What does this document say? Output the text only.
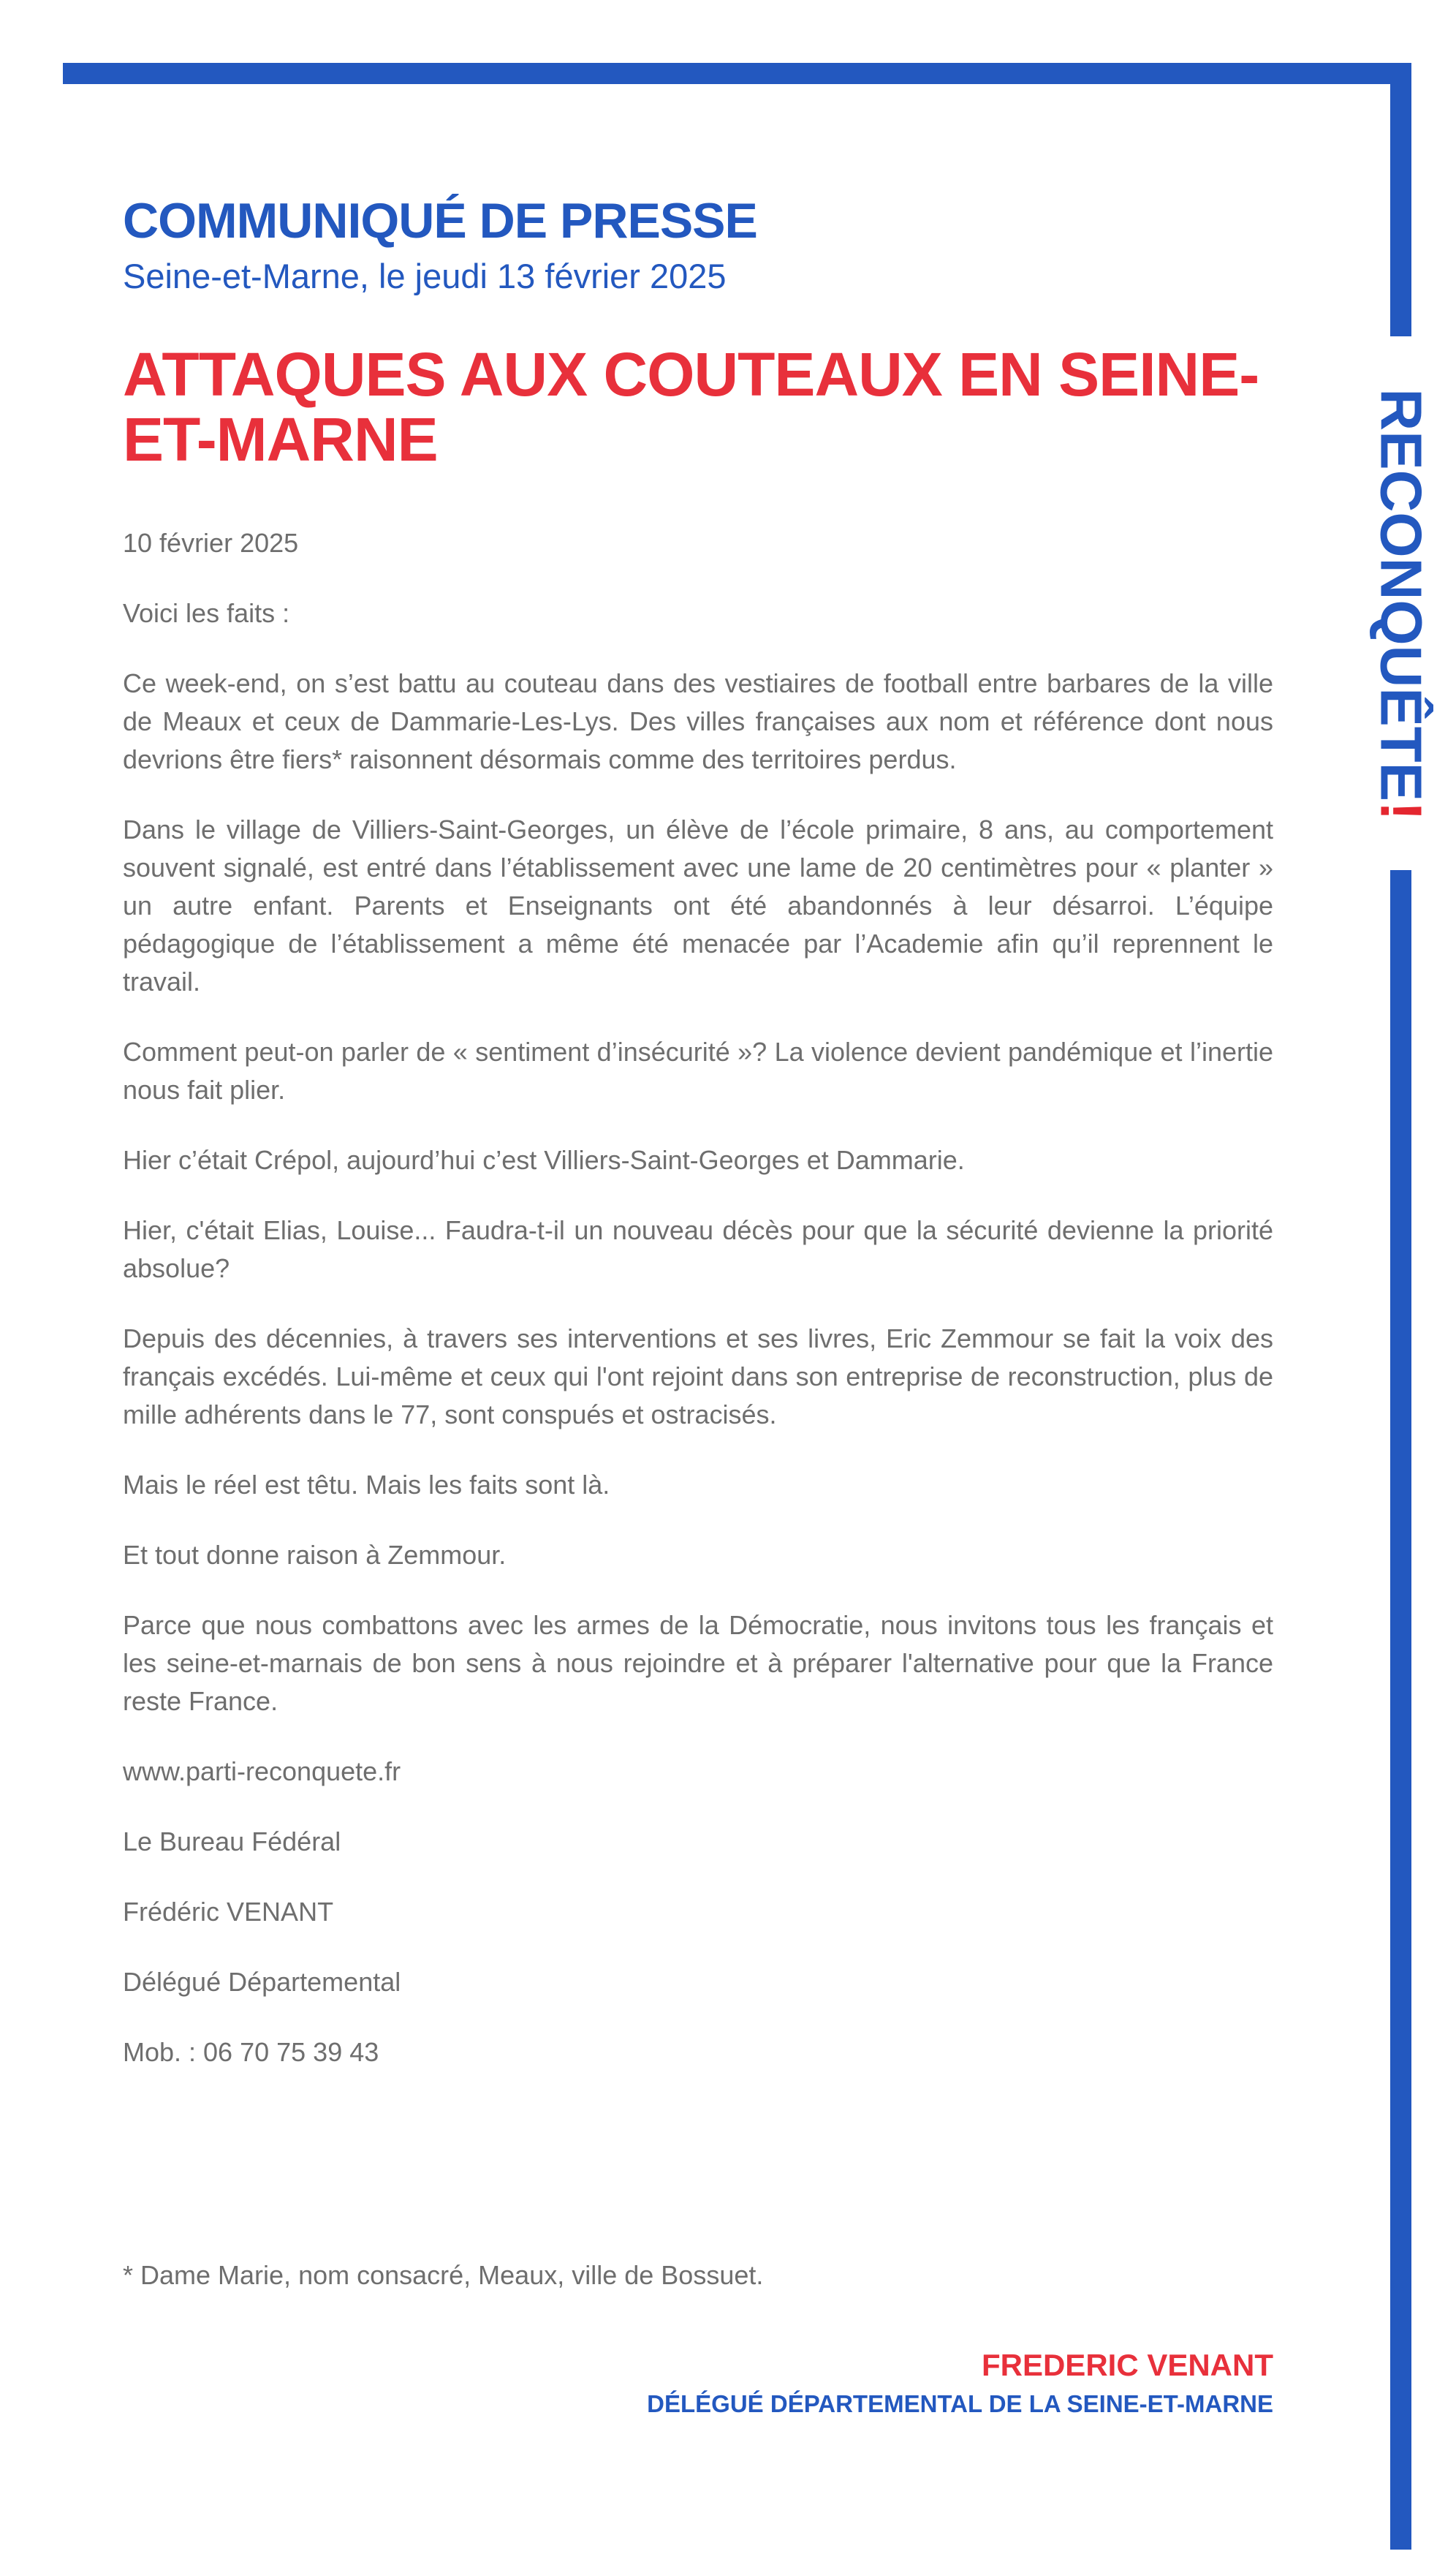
RECONQUÊTE!
COMMUNIQUÉ DE PRESSE

Seine-et-Marne, le jeudi 13 février 2025

ATTAQUES AUX COUTEAUX EN SEINE-ET-MARNE

10 février 2025

Voici les faits :

Ce week-end, on s’est battu au couteau dans des vestiaires de football entre barbares de la ville de Meaux et ceux de Dammarie-Les-Lys. Des villes françaises aux nom et référence dont nous devrions être fiers* raisonnent désormais comme des territoires perdus.

Dans le village de Villiers-Saint-Georges, un élève de l’école primaire, 8 ans, au comportement souvent signalé, est entré dans l’établissement avec une lame de 20 centimètres pour « planter » un autre enfant. Parents et Enseignants ont été abandonnés à leur désarroi. L’équipe pédagogique de l’établissement a même été menacée par l’Academie afin qu’il reprennent le travail.

Comment peut-on parler de « sentiment d’insécurité »? La violence devient pandémique et l’inertie nous fait plier.

Hier c’était Crépol, aujourd’hui c’est Villiers-Saint-Georges et Dammarie.

Hier, c'était Elias, Louise... Faudra-t-il un nouveau décès pour que la sécurité devienne la priorité absolue?

Depuis des décennies, à travers ses interventions et ses livres, Eric Zemmour se fait la voix des français excédés. Lui-même et ceux qui l'ont rejoint dans son entreprise de reconstruction, plus de mille adhérents dans le 77, sont conspués et ostracisés.

Mais le réel est têtu. Mais les faits sont là.

Et tout donne raison à Zemmour.

Parce que nous combattons avec les armes de la Démocratie, nous invitons tous les français et les seine-et-marnais de bon sens à nous rejoindre et à préparer l'alternative pour que la France reste France.

www.parti-reconquete.fr

Le Bureau Fédéral

Frédéric VENANT

Délégué Départemental

Mob. : 06 70 75 39 43

* Dame Marie, nom consacré, Meaux, ville de Bossuet.

FREDERIC VENANT

DÉLÉGUÉ DÉPARTEMENTAL DE LA SEINE-ET-MARNE
